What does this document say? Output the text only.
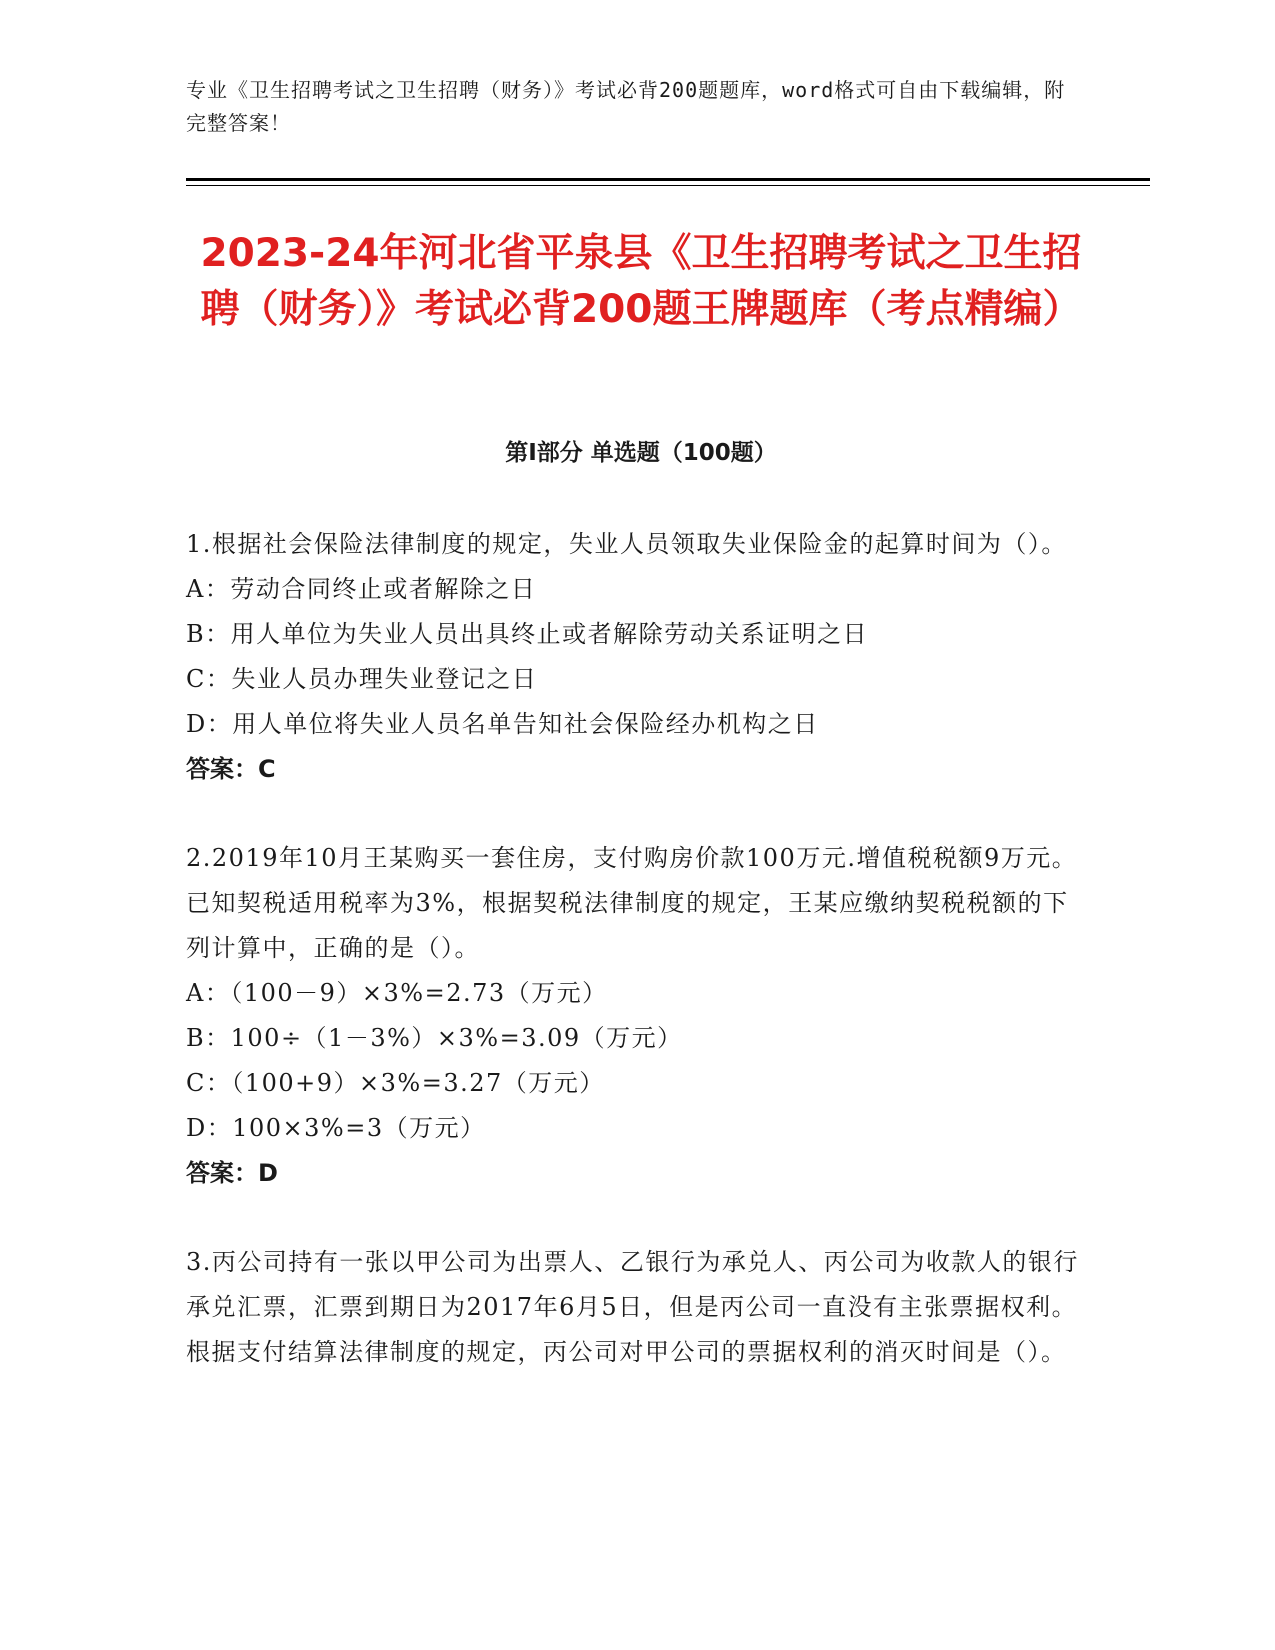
专业《卫生招聘考试之卫生招聘（财务）》考试必背200题题库，word格式可自由下载编辑，附完整答案！
2023-24年河北省平泉县《卫生招聘考试之卫生招聘（财务）》考试必背200题王牌题库（考点精编）
第I部分 单选题（100题）
1.根据社会保险法律制度的规定，失业人员领取失业保险金的起算时间为（）。
A：劳动合同终止或者解除之日
B：用人单位为失业人员出具终止或者解除劳动关系证明之日
C：失业人员办理失业登记之日
D：用人单位将失业人员名单告知社会保险经办机构之日
答案：C
2.2019年10月王某购买一套住房，支付购房价款100万元.增值税税额9万元。已知契税适用税率为3%，根据契税法律制度的规定，王某应缴纳契税税额的下列计算中，正确的是（）。
A：（100－9）×3%=2.73（万元）
B：100÷（1－3%）×3%=3.09（万元）
C：（100+9）×3%=3.27（万元）
D：100×3%=3（万元）
答案：D
3.丙公司持有一张以甲公司为出票人、乙银行为承兑人、丙公司为收款人的银行承兑汇票，汇票到期日为2017年6月5日，但是丙公司一直没有主张票据权利。根据支付结算法律制度的规定，丙公司对甲公司的票据权利的消灭时间是（）。
